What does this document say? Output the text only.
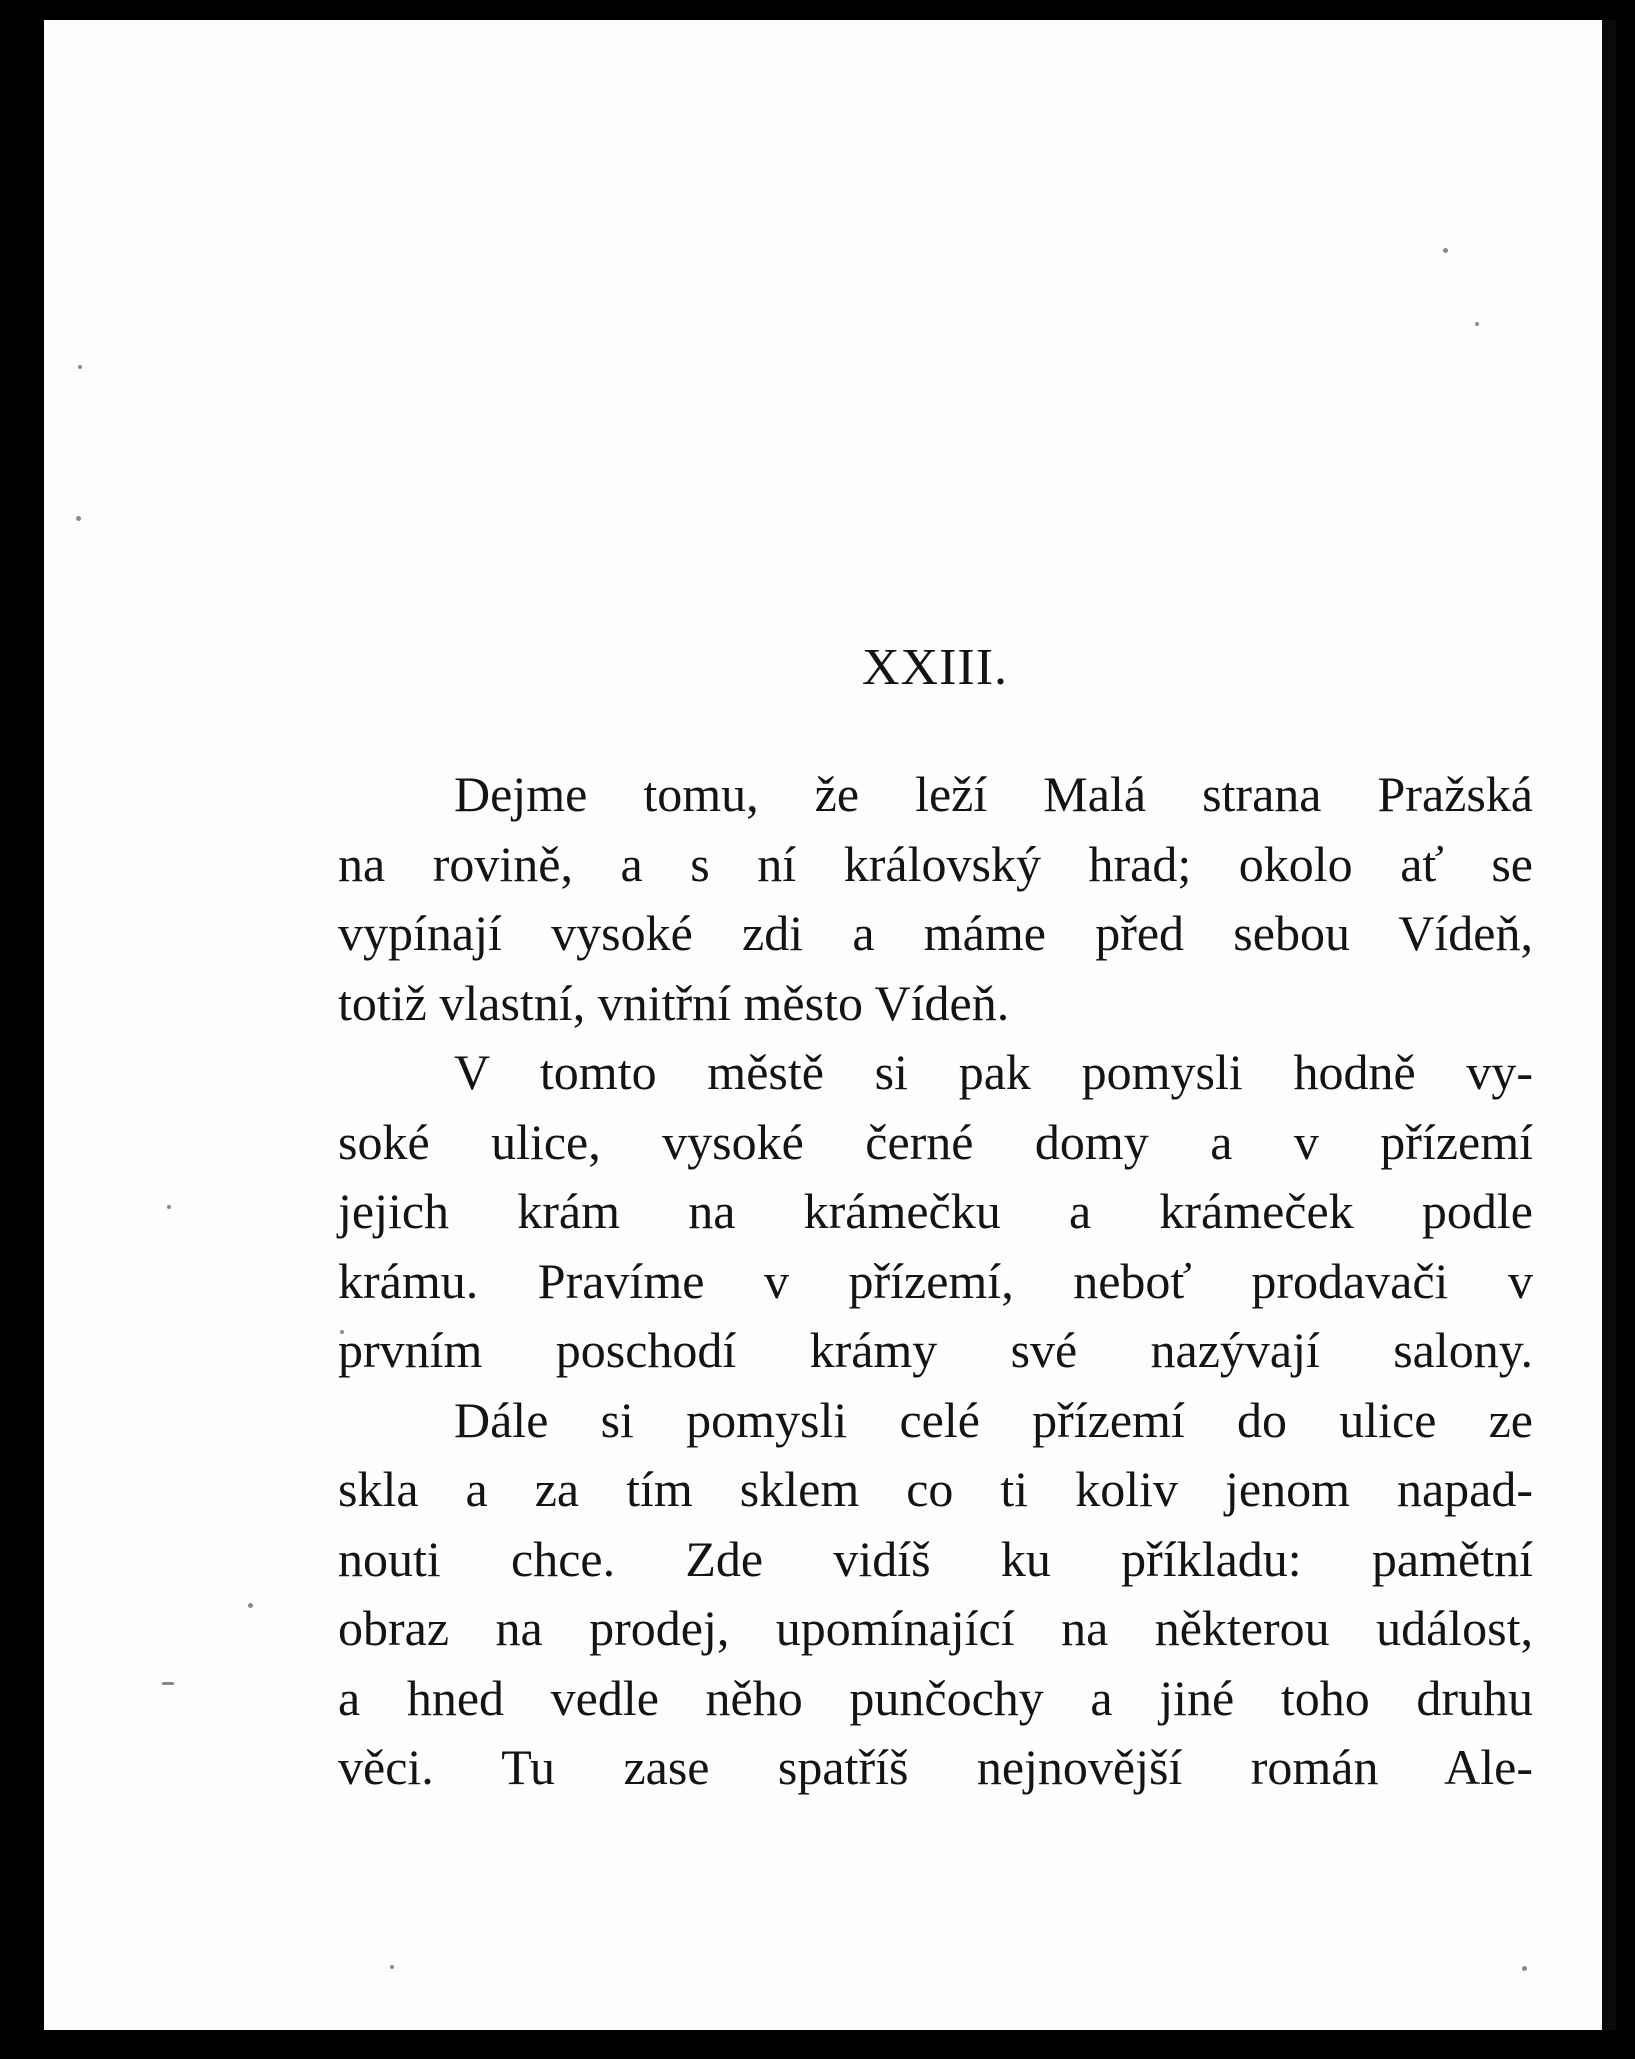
XXIII.
Dejme tomu, že leží Malá strana Pražská
na rovině, a s ní královský hrad; okolo ať se
vypínají vysoké zdi a máme před sebou Vídeň,
totiž vlastní, vnitřní město Vídeň.
V tomto městě si pak pomysli hodně vy-
soké ulice, vysoké černé domy a v přízemí
jejich krám na krámečku a krámeček podle
krámu. Pravíme v přízemí, neboť prodavači v
prvním poschodí krámy své nazývají salony.
Dále si pomysli celé přízemí do ulice ze
skla a za tím sklem co ti koliv jenom napad-
nouti chce. Zde vidíš ku příkladu: pamětní
obraz na prodej, upomínající na některou událost,
a hned vedle něho punčochy a jiné toho druhu
věci. Tu zase spatříš nejnovější román Ale-
